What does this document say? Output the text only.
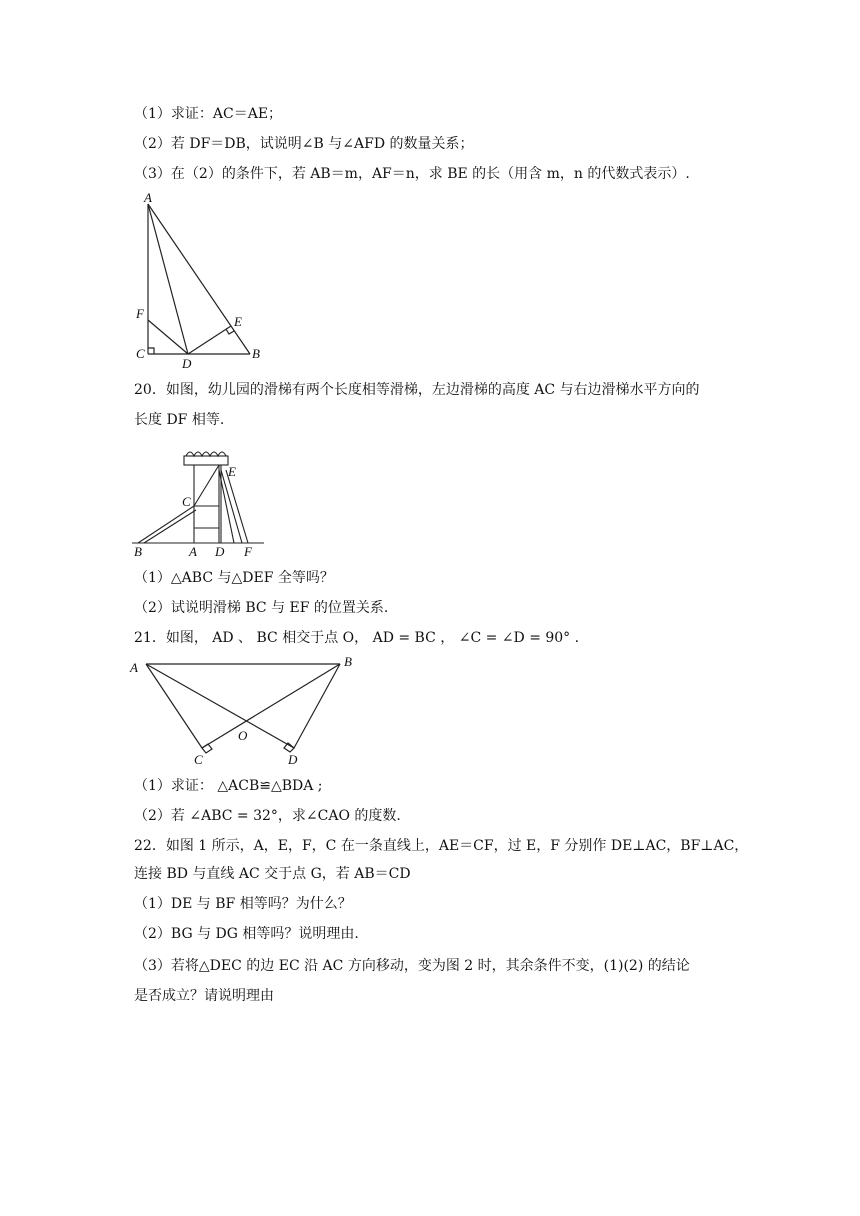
（1）求证：AC＝AE；
（2）若 DF＝DB，试说明∠B 与∠AFD 的数量关系；
（3）在（2）的条件下，若 AB＝m，AF＝n，求 BE 的长（用含 m，n 的代数式表示）.
A
F
E
C
D
B
20．如图，幼儿园的滑梯有两个长度相等滑梯，左边滑梯的高度 AC 与右边滑梯水平方向的
长度 DF 相等.
E
C
B	A D F
（1）△ABC 与△DEF 全等吗？
（2）试说明滑梯 BC 与 EF 的位置关系.
21．如图， AD 、 BC 相交于点 O， AD = BC ， ∠C = ∠D = 90° .
A	B
O
C	D
（1）求证： △ACB≌△BDA ;
（2）若 ∠ABC = 32°，求∠CAO 的度数.
22．如图 1 所示，A，E，F，C 在一条直线上，AE＝CF，过 E，F 分别作 DE⊥AC，BF⊥AC，
连接 BD 与直线 AC 交于点 G，若 AB＝CD
（1）DE 与 BF 相等吗？为什么？
（2）BG 与 DG 相等吗？说明理由.
（3）若将△DEC 的边 EC 沿 AC 方向移动，变为图 2 时，其余条件不变，(1)(2) 的结论
是否成立？请说明理由
